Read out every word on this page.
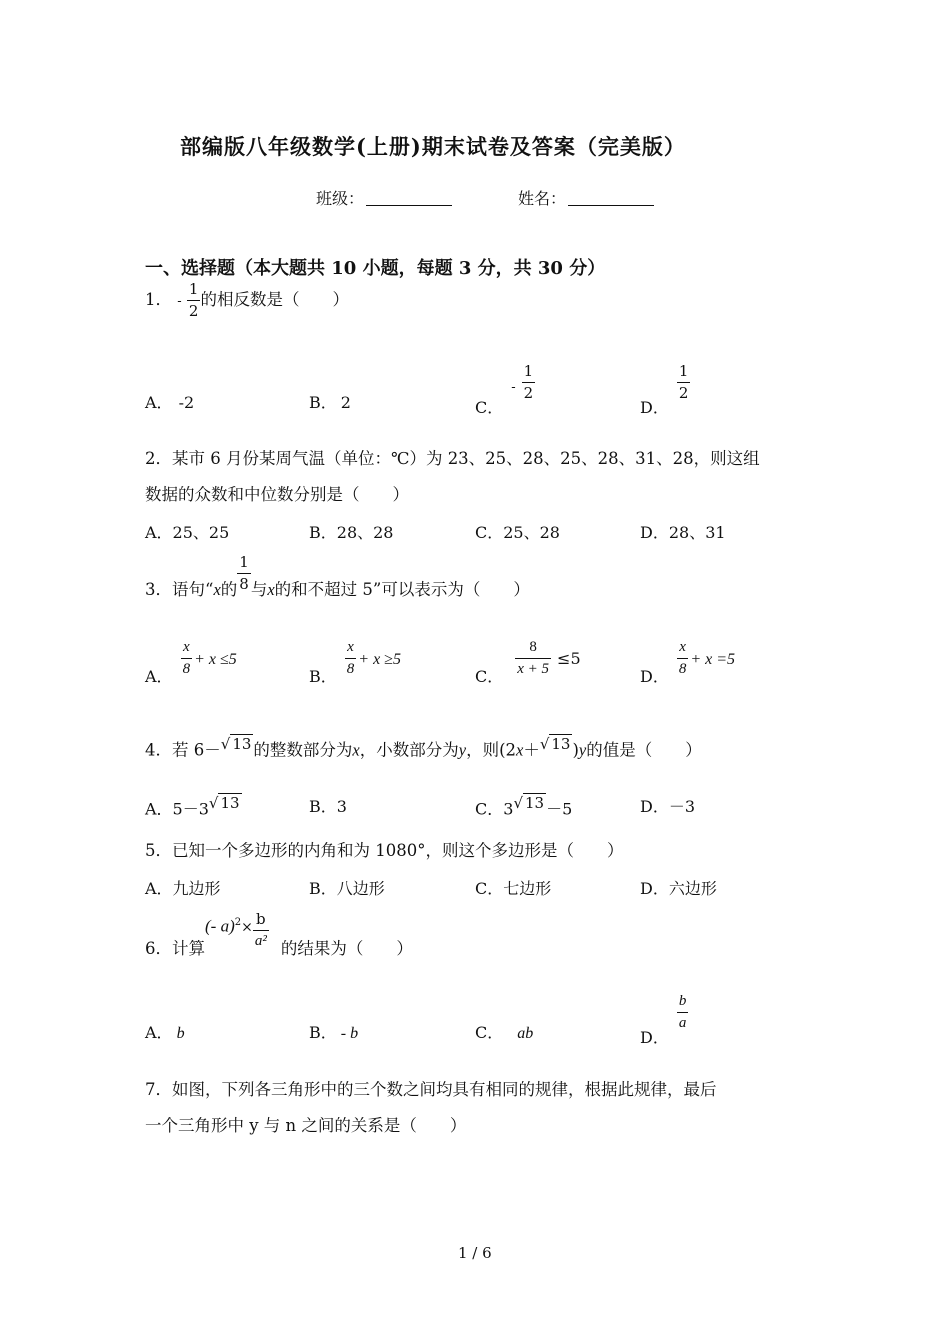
部编版八年级数学(上册)期末试卷及答案（完美版）
班级：	姓名：
一、选择题（本大题共 10 小题，每题 3 分，共 30 分）
1． - $\frac{1}{2}$ 的相反数是（　　）
A． -2	B． 2	C．$_- \frac{1}{2}$
D．
$\frac{1}{2}$
2．某市 6 月份某周气温（单位：℃）为 23、25、28、25、28、31、28，则这组
数据的众数和中位数分别是（　　）
A．25、25	B．28、28	C．25、28	D．28、31
3．语句“x的 $\frac{1}{8}$ 与x的和不超过 5”可以表示为（　　）
A． $\frac{x}{8} + x \le 5$
B． $\frac{x}{8} + x \ge 5$
C． $\frac{8}{x + 5} \le 5$
D． $\frac{x}{8} + x =5$
4．若 6－√ 13 的整数部分为x，小数部分为y，则(2x＋√ 13 )y的值是（　　）
A．5－3√ 13	B．3	C．3√ 13 －5	D．－3
5．已知一个多边形的内角和为 1080°，则这个多边形是（　　）
A．九边形	B．八边形	C．七边形	D．六边形
6．计算(- $a)^2\times \frac{b}{\text{a²}}$ 的结果为（　　）
A． b	B． - b	C． ab	D．
$\frac{b}{a}$
7．如图，下列各三角形中的三个数之间均具有相同的规律，根据此规律，最后
一个三角形中 y 与 n 之间的关系是（　　）
1 / 6
